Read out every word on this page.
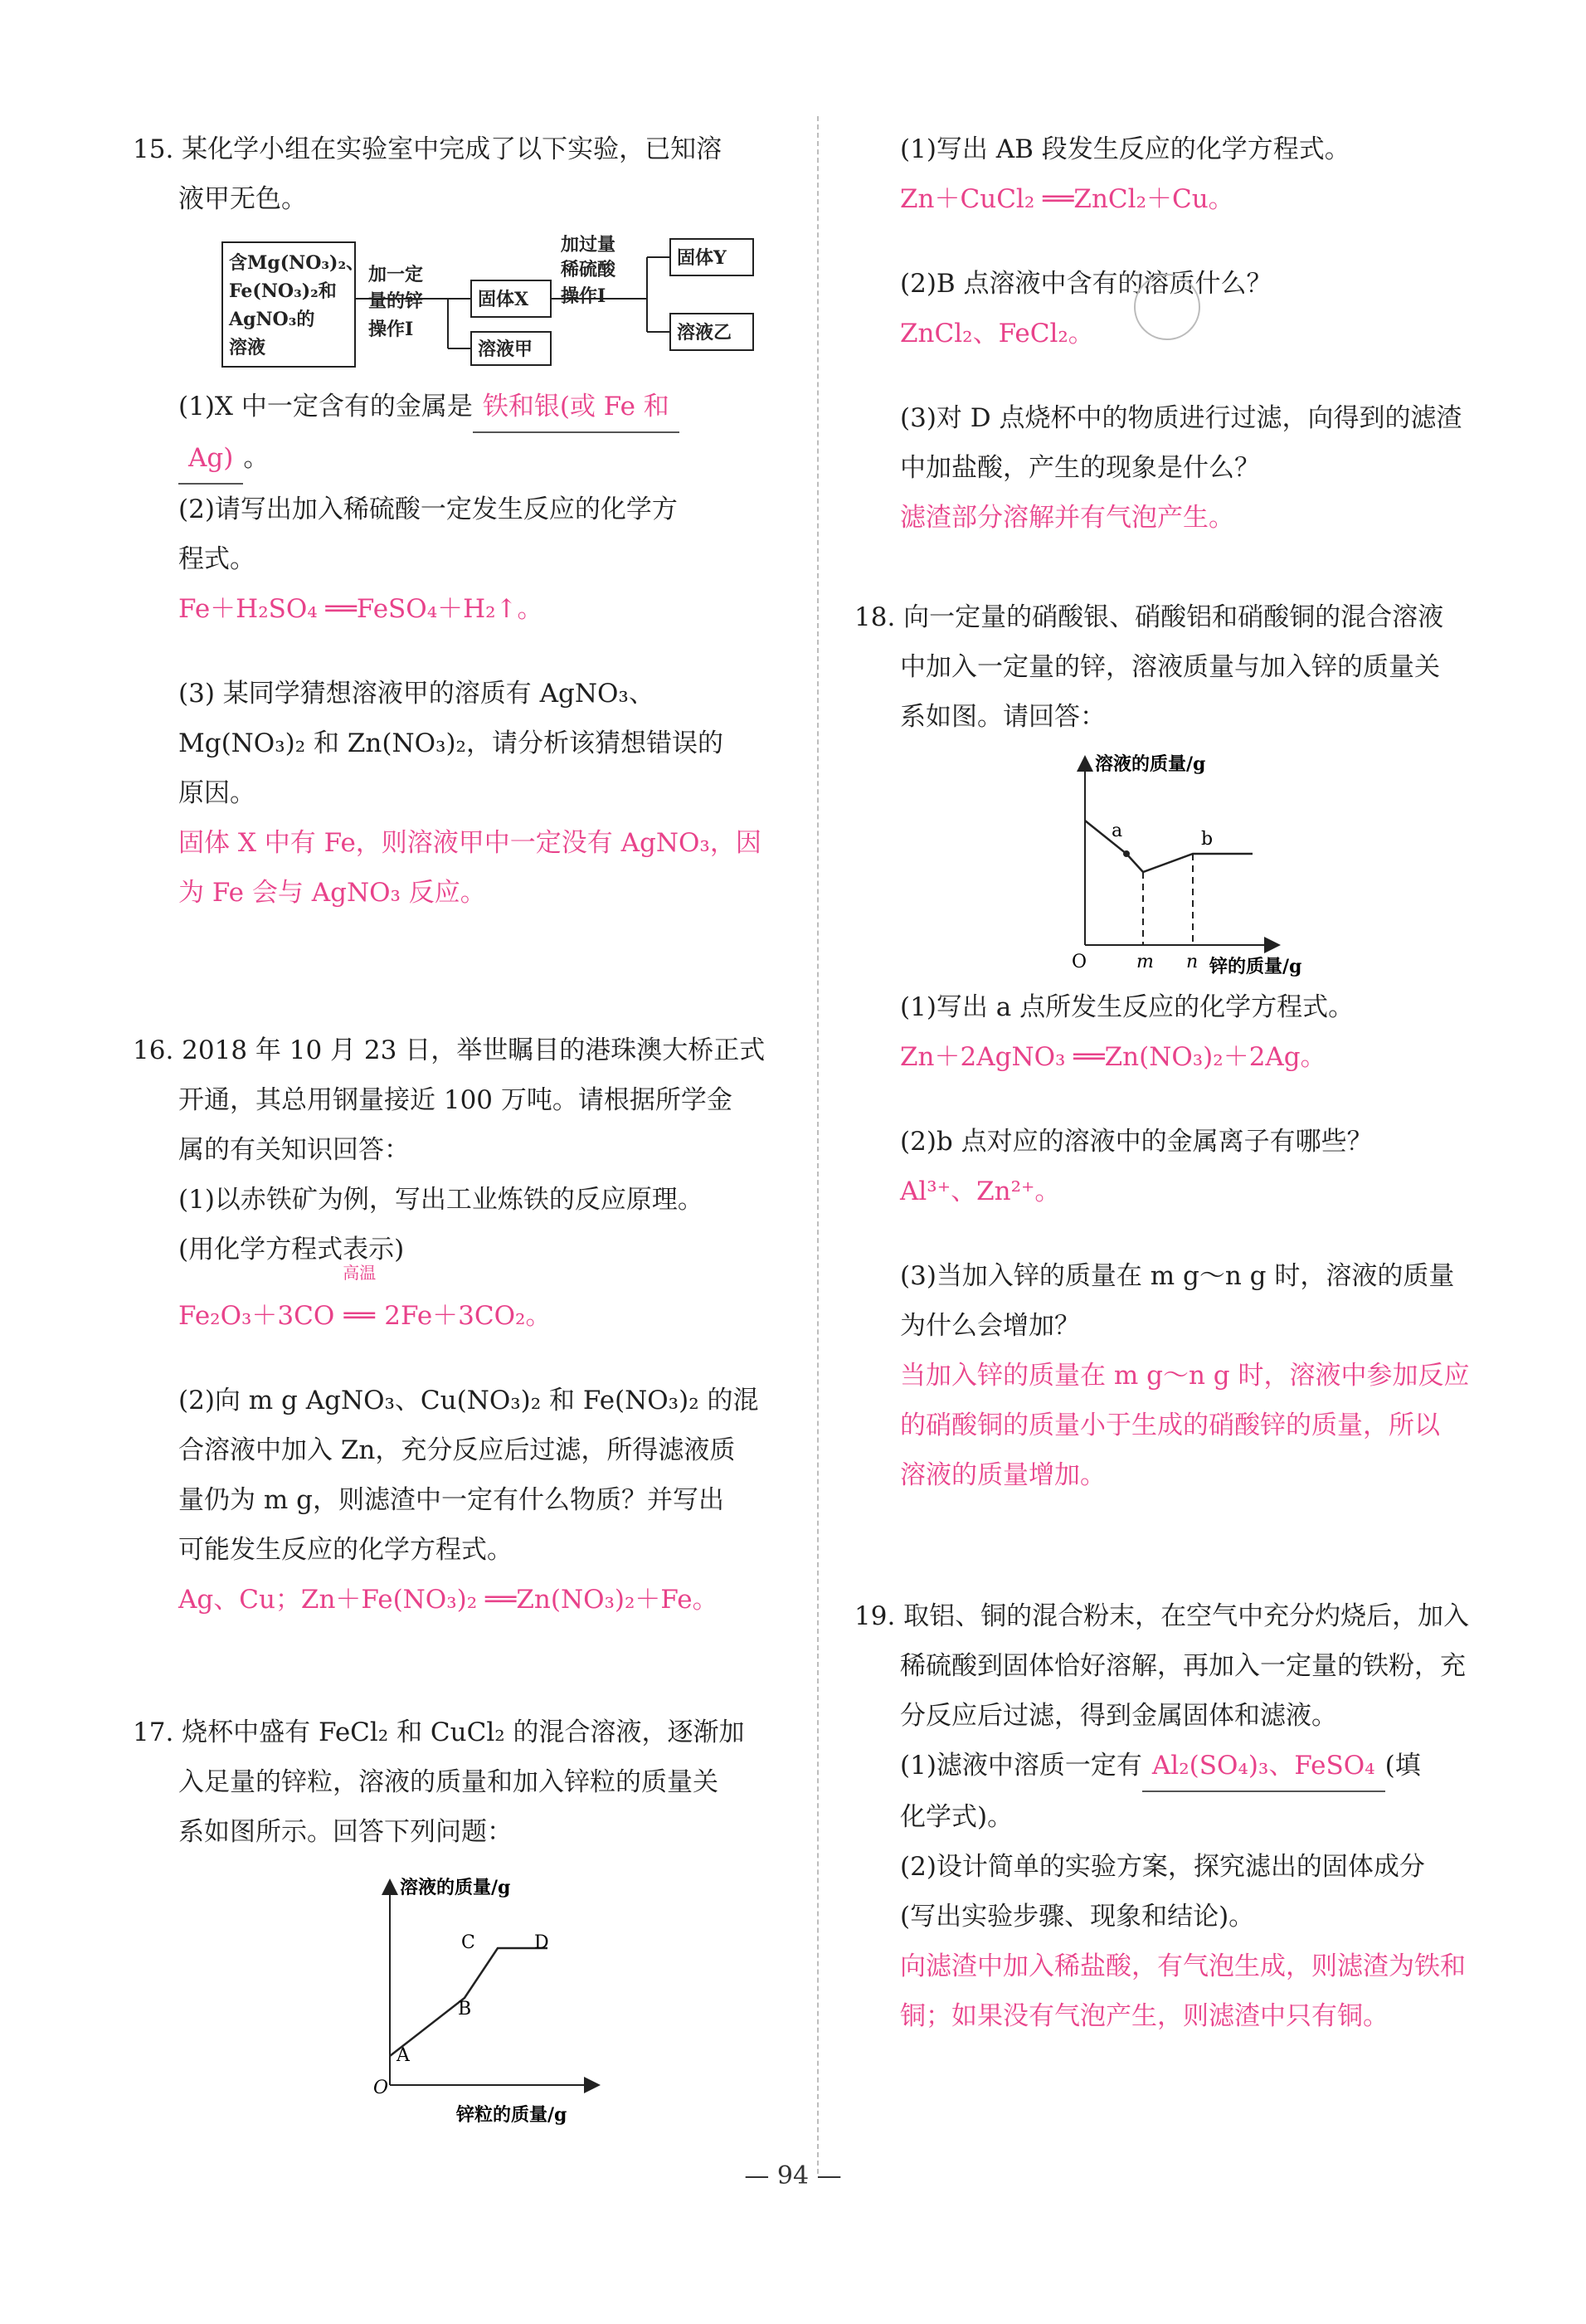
15. 某化学小组在实验室中完成了以下实验，已知溶
液甲无色。

含Mg(NO₃)₂、
Fe(NO₃)₂和
AgNO₃的
溶液
加一定
量的锌
操作Ⅰ
固体X
加过量
稀硫酸
操作Ⅰ
固体Y
溶液乙
溶液甲

(1)X 中一定含有的金属是 铁和银(或 Fe 和
Ag) 。

(2)请写出加入稀硫酸一定发生反应的化学方
程式。

Fe＋H₂SO₄ ══FeSO₄＋H₂↑。

(3) 某同学猜想溶液甲的溶质有 AgNO₃、
Mg(NO₃)₂ 和 Zn(NO₃)₂，请分析该猜想错误的
原因。

固体 X 中有 Fe，则溶液甲中一定没有 AgNO₃，因
为 Fe 会与 AgNO₃ 反应。

16. 2018 年 10 月 23 日，举世瞩目的港珠澳大桥正式
开通，其总用钢量接近 100 万吨。请根据所学金
属的有关知识回答：

(1)以赤铁矿为例，写出工业炼铁的反应原理。
(用化学方程式表示)

Fe₂O₃＋3CO
高温
══ 2Fe＋3CO₂。

(2)向 m g AgNO₃、Cu(NO₃)₂ 和 Fe(NO₃)₂ 的混
合溶液中加入 Zn，充分反应后过滤，所得滤液质
量仍为 m g，则滤渣中一定有什么物质？并写出
可能发生反应的化学方程式。

Ag、Cu；Zn＋Fe(NO₃)₂ ══Zn(NO₃)₂＋Fe。

17. 烧杯中盛有 FeCl₂ 和 CuCl₂ 的混合溶液，逐渐加
入足量的锌粒，溶液的质量和加入锌粒的质量关
系如图所示。回答下列问题：

溶液的质量/g
锌粒的质量/g
O
A
B
C	D

(1)写出 AB 段发生反应的化学方程式。

Zn＋CuCl₂ ══ZnCl₂＋Cu。

(2)B 点溶液中含有的溶质什么？

ZnCl₂、FeCl₂。

(3)对 D 点烧杯中的物质进行过滤，向得到的滤渣
中加盐酸，产生的现象是什么？

滤渣部分溶解并有气泡产生。

18. 向一定量的硝酸银、硝酸铝和硝酸铜的混合溶液
中加入一定量的锌，溶液质量与加入锌的质量关
系如图。请回答：

溶液的质量/g
锌的质量/g
O
a	b
m n

(1)写出 a 点所发生反应的化学方程式。

Zn＋2AgNO₃ ══Zn(NO₃)₂＋2Ag。

(2)b 点对应的溶液中的金属离子有哪些？

Al³⁺、Zn²⁺。

(3)当加入锌的质量在 m g～n g 时，溶液的质量
为什么会增加？

当加入锌的质量在 m g～n g 时，溶液中参加反应
的硝酸铜的质量小于生成的硝酸锌的质量，所以
溶液的质量增加。

19. 取铝、铜的混合粉末，在空气中充分灼烧后，加入
稀硫酸到固体恰好溶解，再加入一定量的铁粉，充
分反应后过滤，得到金属固体和滤液。

(1)滤液中溶质一定有 Al₂(SO₄)₃、FeSO₄ (填
化学式)。

(2)设计简单的实验方案，探究滤出的固体成分
(写出实验步骤、现象和结论)。

向滤渣中加入稀盐酸，有气泡生成，则滤渣为铁和
铜；如果没有气泡产生，则滤渣中只有铜。

— 94 —
